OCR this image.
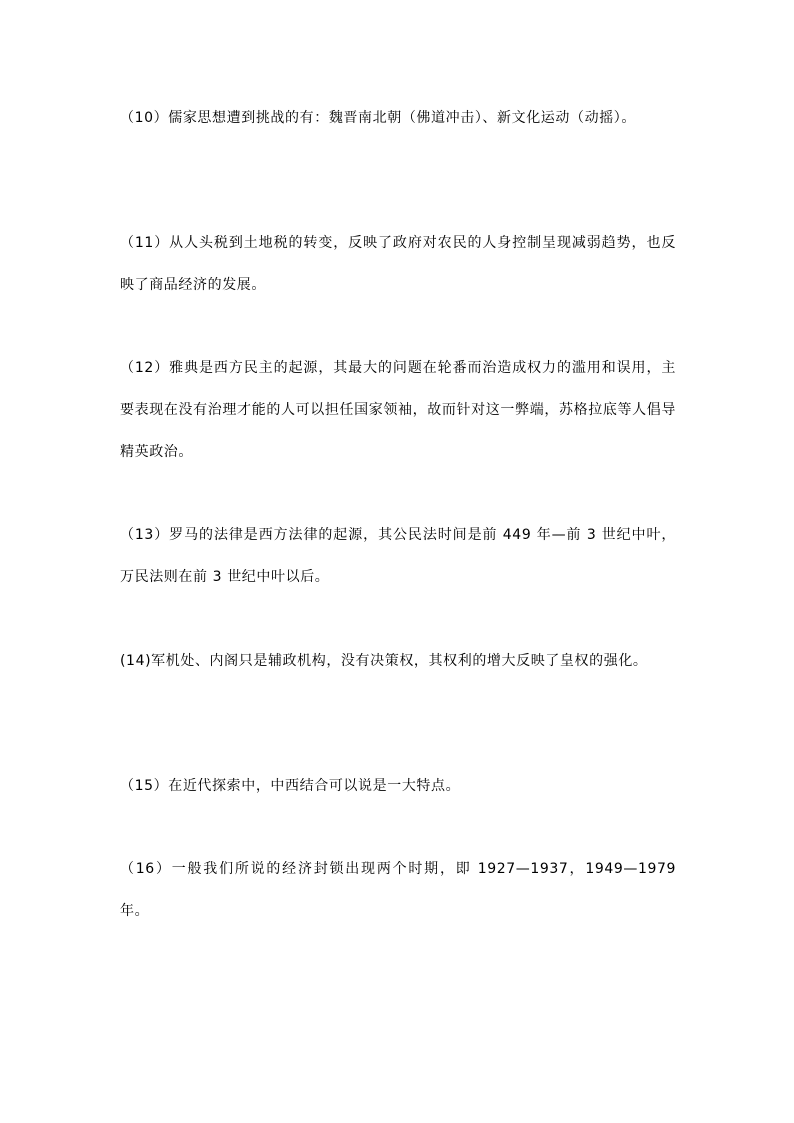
（10）儒家思想遭到挑战的有：魏晋南北朝（佛道冲击）、新文化运动（动摇）。

（11）从人头税到土地税的转变，反映了政府对农民的人身控制呈现减弱趋势，也反映了商品经济的发展。

（12）雅典是西方民主的起源，其最大的问题在轮番而治造成权力的滥用和误用，主要表现在没有治理才能的人可以担任国家领袖，故而针对这一弊端，苏格拉底等人倡导精英政治。

（13）罗马的法律是西方法律的起源，其公民法时间是前 449 年—前 3 世纪中叶，万民法则在前 3 世纪中叶以后。

(14)军机处、内阁只是辅政机构，没有决策权，其权利的增大反映了皇权的强化。

（15）在近代探索中，中西结合可以说是一大特点。

（16）一般我们所说的经济封锁出现两个时期，即 1927—1937，1949—1979 年。
